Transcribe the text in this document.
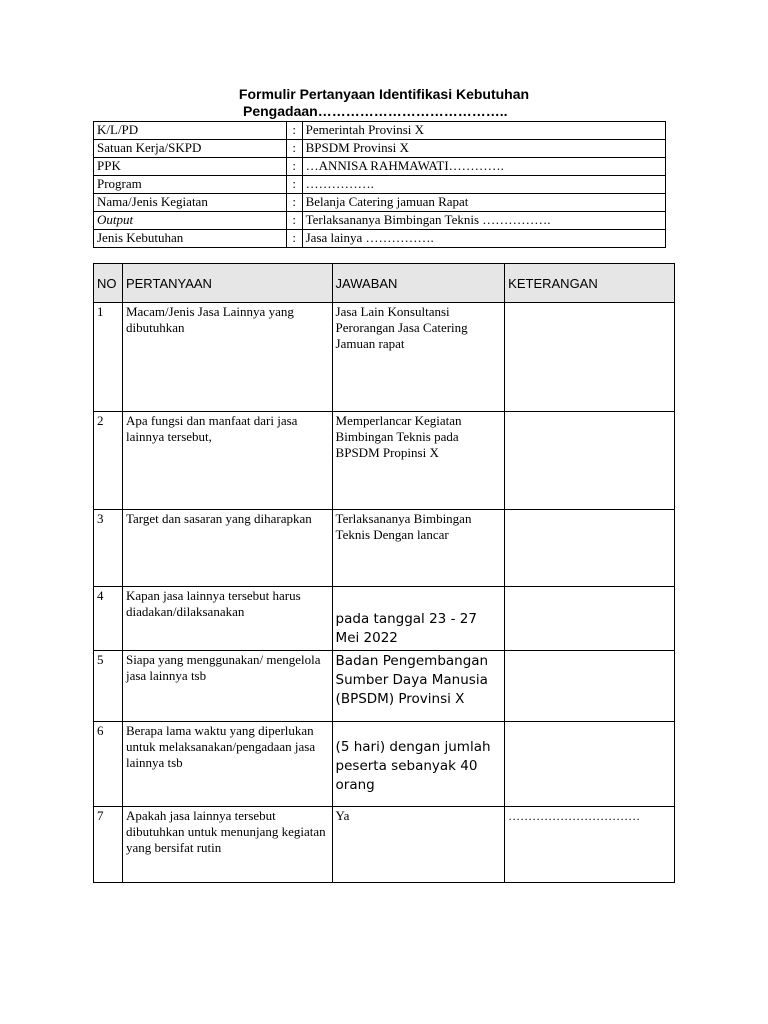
Formulir Pertanyaan Identifikasi Kebutuhan
Pengadaan…………………………………..
K/L/PD	:	Pemerintah Provinsi X
Satuan Kerja/SKPD	:	BPSDM Provinsi X
PPK	:	…ANNISA RAHMAWATI………….
Program	:	…………….
Nama/Jenis Kegiatan	:	Belanja Catering jamuan Rapat
Output	:	Terlaksananya Bimbingan Teknis …………….
Jenis Kebutuhan	:	Jasa lainya …………….
NO	PERTANYAAN	JAWABAN	KETERANGAN
1	Macam/Jenis Jasa Lainnya yang dibutuhkan	Jasa Lain Konsultansi Perorangan Jasa Catering Jamuan rapat	
2	Apa fungsi dan manfaat dari jasa lainnya tersebut,	Memperlancar Kegiatan Bimbingan Teknis pada BPSDM Propinsi X	
3	Target dan sasaran yang diharapkan	Terlaksananya Bimbingan Teknis Dengan lancar	
4	Kapan jasa lainnya tersebut harus diadakan/dilaksanakan	pada tanggal 23 - 27 Mei 2022	
5	Siapa yang menggunakan/ mengelola jasa lainnya tsb	Badan Pengembangan Sumber Daya Manusia (BPSDM) Provinsi X	
6	Berapa lama waktu yang diperlukan untuk melaksanakan/pengadaan jasa lainnya tsb	(5 hari) dengan jumlah peserta sebanyak 40 orang	
7	Apakah jasa lainnya tersebut dibutuhkan untuk menunjang kegiatan yang bersifat rutin	Ya	……………………………
